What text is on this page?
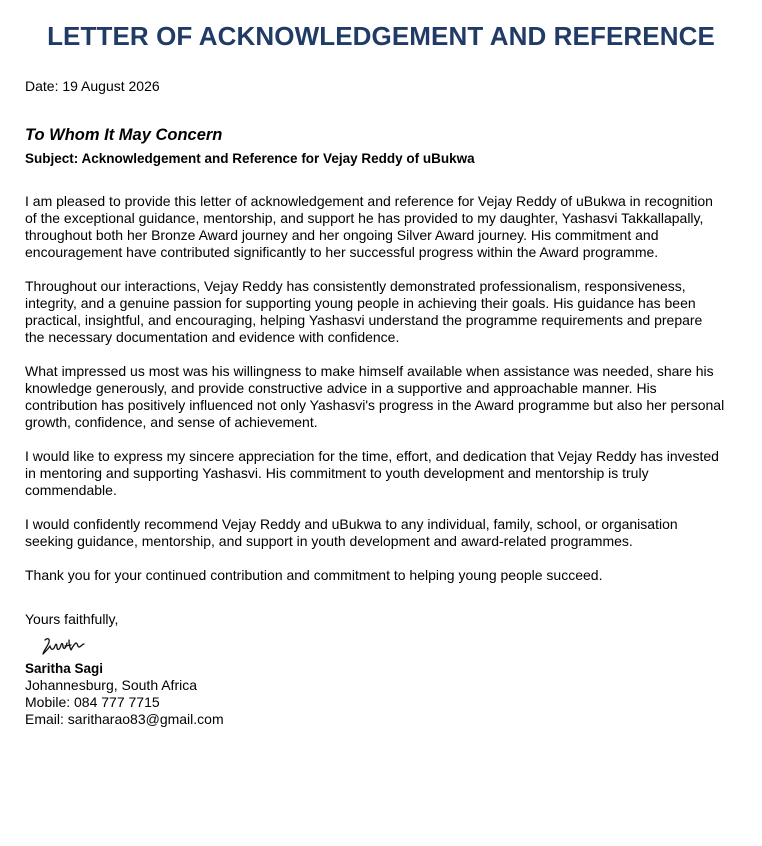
LETTER OF ACKNOWLEDGEMENT AND REFERENCE

Date: 19 August 2026

To Whom It May Concern

Subject: Acknowledgement and Reference for Vejay Reddy of uBukwa

I am pleased to provide this letter of acknowledgement and reference for Vejay Reddy of uBukwa in recognition of the exceptional guidance, mentorship, and support he has provided to my daughter, Yashasvi Takkallapally, throughout both her Bronze Award journey and her ongoing Silver Award journey. His commitment and encouragement have contributed significantly to her successful progress within the Award programme.

Throughout our interactions, Vejay Reddy has consistently demonstrated professionalism, responsiveness, integrity, and a genuine passion for supporting young people in achieving their goals. His guidance has been practical, insightful, and encouraging, helping Yashasvi understand the programme requirements and prepare the necessary documentation and evidence with confidence.

What impressed us most was his willingness to make himself available when assistance was needed, share his knowledge generously, and provide constructive advice in a supportive and approachable manner. His contribution has positively influenced not only Yashasvi's progress in the Award programme but also her personal growth, confidence, and sense of achievement.

I would like to express my sincere appreciation for the time, effort, and dedication that Vejay Reddy has invested in mentoring and supporting Yashasvi. His commitment to youth development and mentorship is truly commendable.

I would confidently recommend Vejay Reddy and uBukwa to any individual, family, school, or organisation seeking guidance, mentorship, and support in youth development and award-related programmes.

Thank you for your continued contribution and commitment to helping young people succeed.

Yours faithfully,

Saritha Sagi

Johannesburg, South Africa

Mobile: 084 777 7715

Email: saritharao83@gmail.com
